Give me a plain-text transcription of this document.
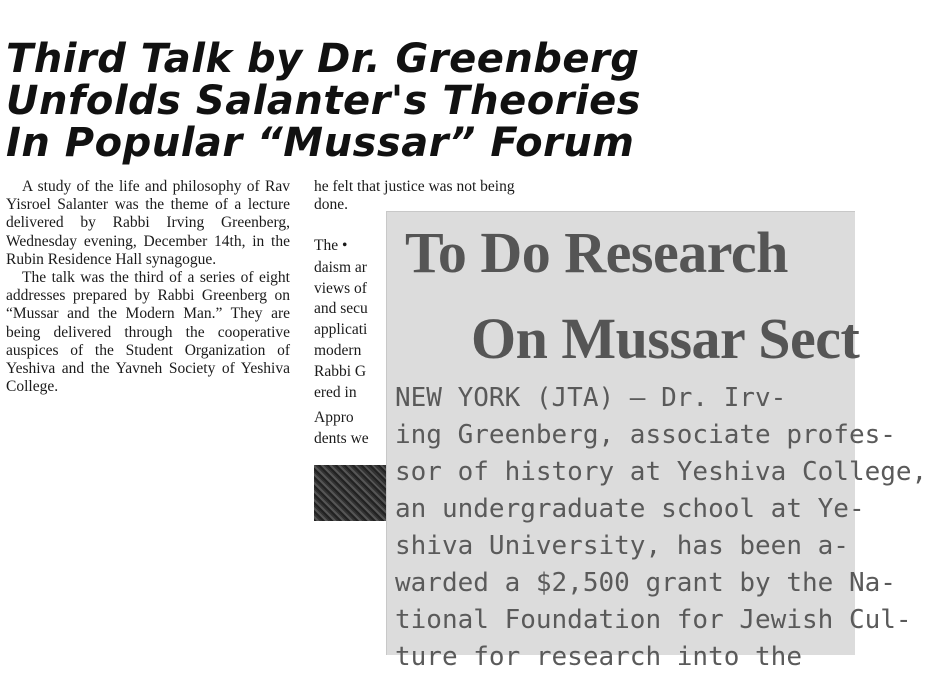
Third Talk by Dr. Greenberg
Unfolds Salanter's Theories
In Popular “Mussar” Forum

A study of the life and philosophy of Rav Yisroel Salanter was the theme of a lecture delivered by Rabbi Irving Greenberg, Wednesday evening, December 14th, in the Rubin Residence Hall synagogue.

The talk was the third of a series of eight addresses prepared by Rabbi Greenberg on “Mussar and the Modern Man.” They are being delivered through the cooperative auspices of the Student Organization of Yeshiva and the Yavneh Society of Yeshiva College.

he felt that justice was not being

done.

The •
daism ar
views of
and secu
applicati
modern
Rabbi G
ered in
Appro
dents we
To Do Research
On Mussar Sect
NEW YORK (JTA) — Dr. Irv-
ing Greenberg, associate profes-
sor of history at Yeshiva College,
an undergraduate school at Ye-
shiva University, has been a-
warded a $2,500 grant by the Na-
tional Foundation for Jewish Cul-
ture for research into the
